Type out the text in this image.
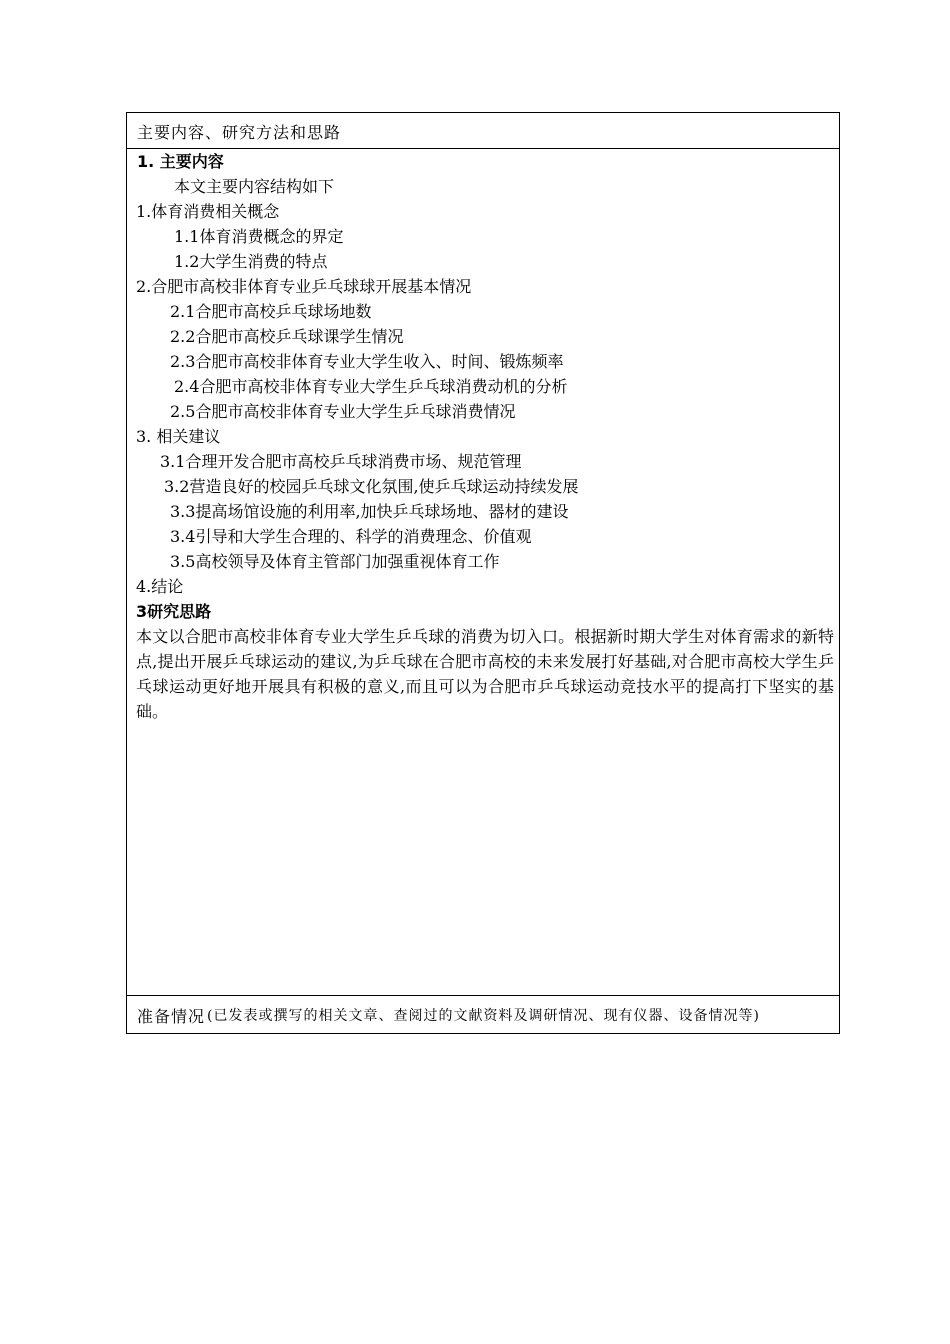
主要内容、研究方法和思路
1. 主要内容
本文主要内容结构如下
1.体育消费相关概念
1.1体育消费概念的界定
1.2大学生消费的特点
2.合肥市高校非体育专业乒乓球球开展基本情况
2.1合肥市高校乒乓球场地数
2.2合肥市高校乒乓球课学生情况
2.3合肥市高校非体育专业大学生收入、时间、锻炼频率
2.4合肥市高校非体育专业大学生乒乓球消费动机的分析
2.5合肥市高校非体育专业大学生乒乓球消费情况
3. 相关建议
3.1合理开发合肥市高校乒乓球消费市场、规范管理
3.2营造良好的校园乒乓球文化氛围,使乒乓球运动持续发展
3.3提高场馆设施的利用率,加快乒乓球场地、器材的建设
3.4引导和大学生合理的、科学的消费理念、价值观
3.5高校领导及体育主管部门加强重视体育工作
4.结论
3研究思路
本文以合肥市高校非体育专业大学生乒乓球的消费为切入口。根据新时期大学生对体育需求的新特点,提出开展乒乓球运动的建议,为乒乓球在合肥市高校的未来发展打好基础,对合肥市高校大学生乒乓球运动更好地开展具有积极的意义,而且可以为合肥市乒乓球运动竞技水平的提高打下坚实的基础。
准备情况 (已发表或撰写的相关文章、查阅过的文献资料及调研情况、现有仪器、设备情况等)
